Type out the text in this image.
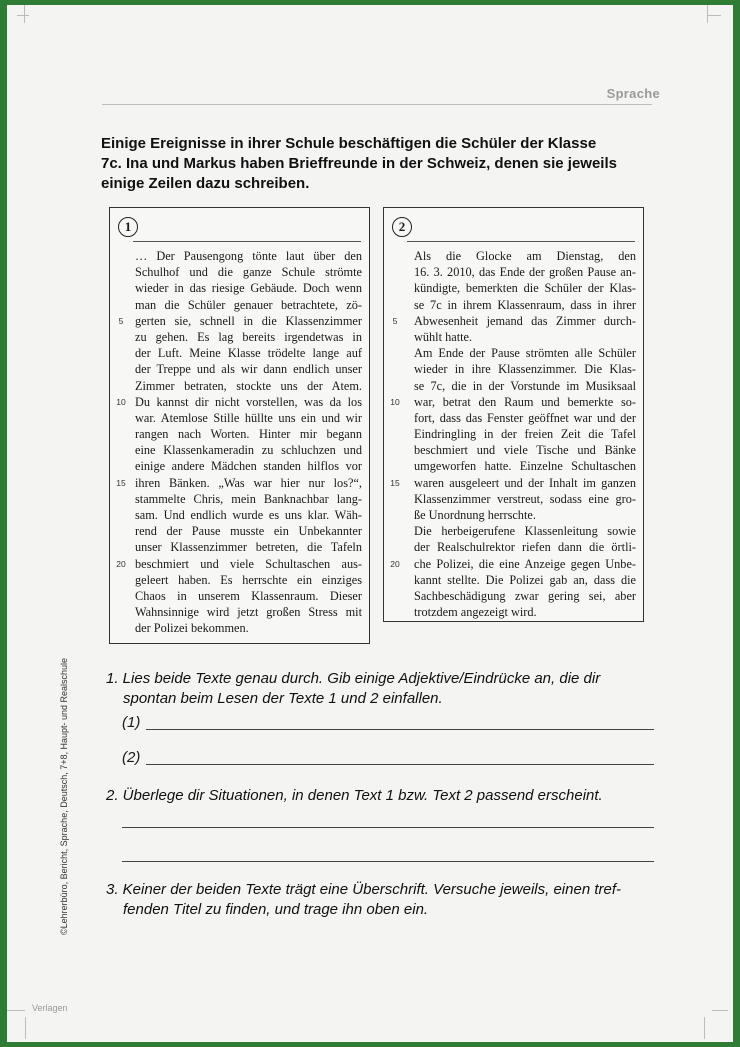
Sprache
Einige Ereignisse in ihrer Schule beschäftigen die Schüler der Klasse
7c. Ina und Markus haben Brieffreunde in der Schweiz, denen sie jeweils
einige Zeilen dazu schreiben.
1
… Der Pausengong tönte laut über den
Schulhof und die ganze Schule strömte
wieder in das riesige Gebäude. Doch wenn
man die Schüler genauer betrachtete, zö-
5 gerten sie, schnell in die Klassenzimmer
zu gehen. Es lag bereits irgendetwas in
der Luft. Meine Klasse trödelte lange auf
der Treppe und als wir dann endlich unser
Zimmer betraten, stockte uns der Atem.
10 Du kannst dir nicht vorstellen, was da los
war. Atemlose Stille hüllte uns ein und wir
rangen nach Worten. Hinter mir begann
eine Klassenkameradin zu schluchzen und
einige andere Mädchen standen hilflos vor
15 ihren Bänken. „Was war hier nur los?“,
stammelte Chris, mein Banknachbar lang-
sam. Und endlich wurde es uns klar. Wäh-
rend der Pause musste ein Unbekannter
unser Klassenzimmer betreten, die Tafeln
20 beschmiert und viele Schultaschen aus-
geleert haben. Es herrschte ein einziges
Chaos in unserem Klassenraum. Dieser
Wahnsinnige wird jetzt großen Stress mit
der Polizei bekommen.
2
Als die Glocke am Dienstag, den
16. 3. 2010, das Ende der großen Pause an-
kündigte, bemerkten die Schüler der Klas-
se 7c in ihrem Klassenraum, dass in ihrer
5	Abwesenheit jemand das Zimmer durch-
wühlt hatte.
Am Ende der Pause strömten alle Schüler
wieder in ihre Klassenzimmer. Die Klas-
se 7c, die in der Vorstunde im Musiksaal
10	war, betrat den Raum und bemerkte so-
fort, dass das Fenster geöffnet war und der
Eindringling in der freien Zeit die Tafel
beschmiert und viele Tische und Bänke
umgeworfen hatte. Einzelne Schultaschen
15	waren ausgeleert und der Inhalt im ganzen
Klassenzimmer verstreut, sodass eine gro-
ße Unordnung herrschte.
Die herbeigerufene Klassenleitung sowie
der Realschulrektor riefen dann die örtli-
20	che Polizei, die eine Anzeige gegen Unbe-
kannt stellte. Die Polizei gab an, dass die
Sachbeschädigung zwar gering sei, aber
trotzdem angezeigt wird.
1. Lies beide Texte genau durch. Gib einige Adjektive/Eindrücke an, die dir
spontan beim Lesen der Texte 1 und 2 einfallen.
(1)
(2)
2. Überlege dir Situationen, in denen Text 1 bzw. Text 2 passend erscheint.
3. Keiner der beiden Texte trägt eine Überschrift. Versuche jeweils, einen tref-
fenden Titel zu finden, und trage ihn oben ein.
©Lehrerbüro, Bericht, Sprache, Deutsch, 7+8, Haupt- und Realschule
Verlagen
